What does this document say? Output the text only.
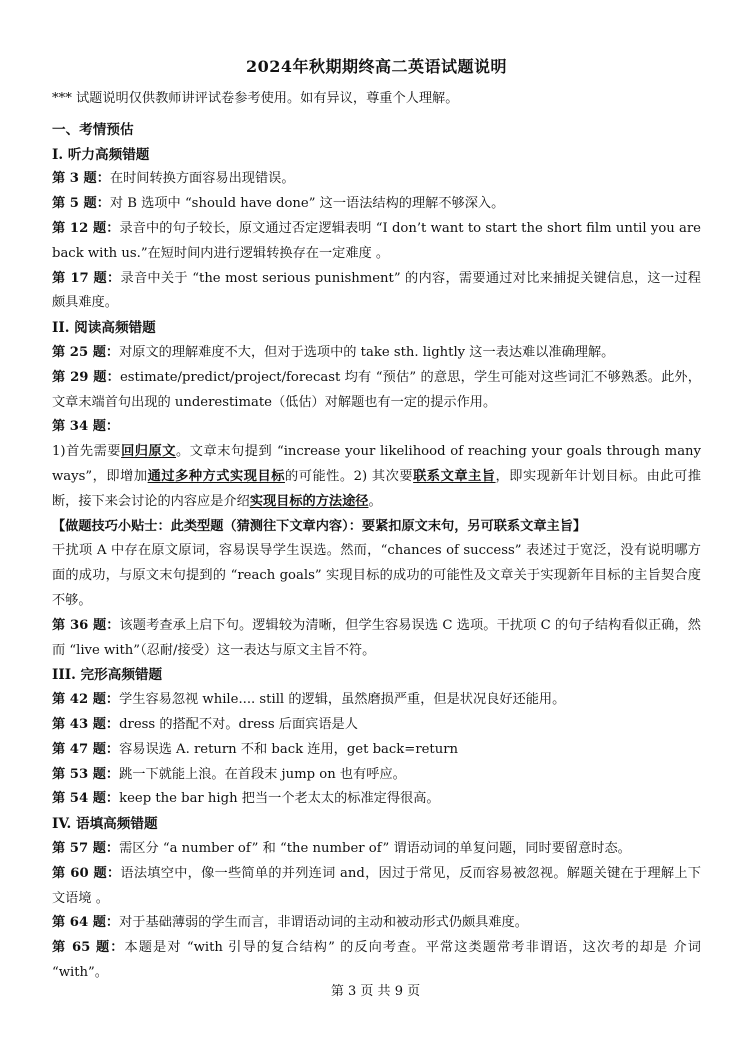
2024年秋期期终高二英语试题说明

*** 试题说明仅供教师讲评试卷参考使用。如有异议，尊重个人理解。

一、考情预估

I. 听力高频错题

第 3 题：在时间转换方面容易出现错误。

第 5 题：对 B 选项中 “should have done” 这一语法结构的理解不够深入。

第 12 题：录音中的句子较长，原文通过否定逻辑表明 “I don’t want to start the short film until you are back with us.”在短时间内进行逻辑转换存在一定难度 。

第 17 题：录音中关于 “the most serious punishment” 的内容，需要通过对比来捕捉关键信息，这一过程颇具难度。

II. 阅读高频错题

第 25 题：对原文的理解难度不大，但对于选项中的 take sth. lightly 这一表达难以准确理解。

第 29 题：estimate/predict/project/forecast 均有 “预估” 的意思，学生可能对这些词汇不够熟悉。此外，文章末端首句出现的 underestimate（低估）对解题也有一定的提示作用。

第 34 题：

1)首先需要回归原文。文章末句提到 “increase your likelihood of reaching your goals through many ways”，即增加通过多种方式实现目标的可能性。2) 其次要联系文章主旨，即实现新年计划目标。由此可推断，接下来会讨论的内容应是介绍实现目标的方法途径。

【做题技巧小贴士：此类型题（猜测往下文章内容）：要紧扣原文末句，另可联系文章主旨】

干扰项 A 中存在原文原词，容易误导学生误选。然而，“chances of success” 表述过于宽泛，没有说明哪方面的成功，与原文末句提到的 “reach goals” 实现目标的成功的可能性及文章关于实现新年目标的主旨契合度不够。

第 36 题：该题考查承上启下句。逻辑较为清晰，但学生容易误选 C 选项。干扰项 C 的句子结构看似正确，然而 “live with”（忍耐/接受）这一表达与原文主旨不符。

III. 完形高频错题

第 42 题：学生容易忽视 while.... still 的逻辑，虽然磨损严重，但是状况良好还能用。

第 43 题：dress 的搭配不对。dress 后面宾语是人

第 47 题：容易误选 A. return 不和 back 连用，get back=return

第 53 题：跳一下就能上浪。在首段末 jump on 也有呼应。

第 54 题：keep the bar high 把当一个老太太的标准定得很高。

IV. 语填高频错题

第 57 题：需区分 “a number of” 和 “the number of” 谓语动词的单复问题，同时要留意时态。

第 60 题：语法填空中，像一些简单的并列连词 and，因过于常见，反而容易被忽视。解题关键在于理解上下文语境 。

第 64 题：对于基础薄弱的学生而言，非谓语动词的主动和被动形式仍颇具难度。

第 65 题：本题是对 “with 引导的复合结构” 的反向考查。平常这类题常考非谓语，这次考的却是 介词 “with”。

第 3 页 共 9 页
